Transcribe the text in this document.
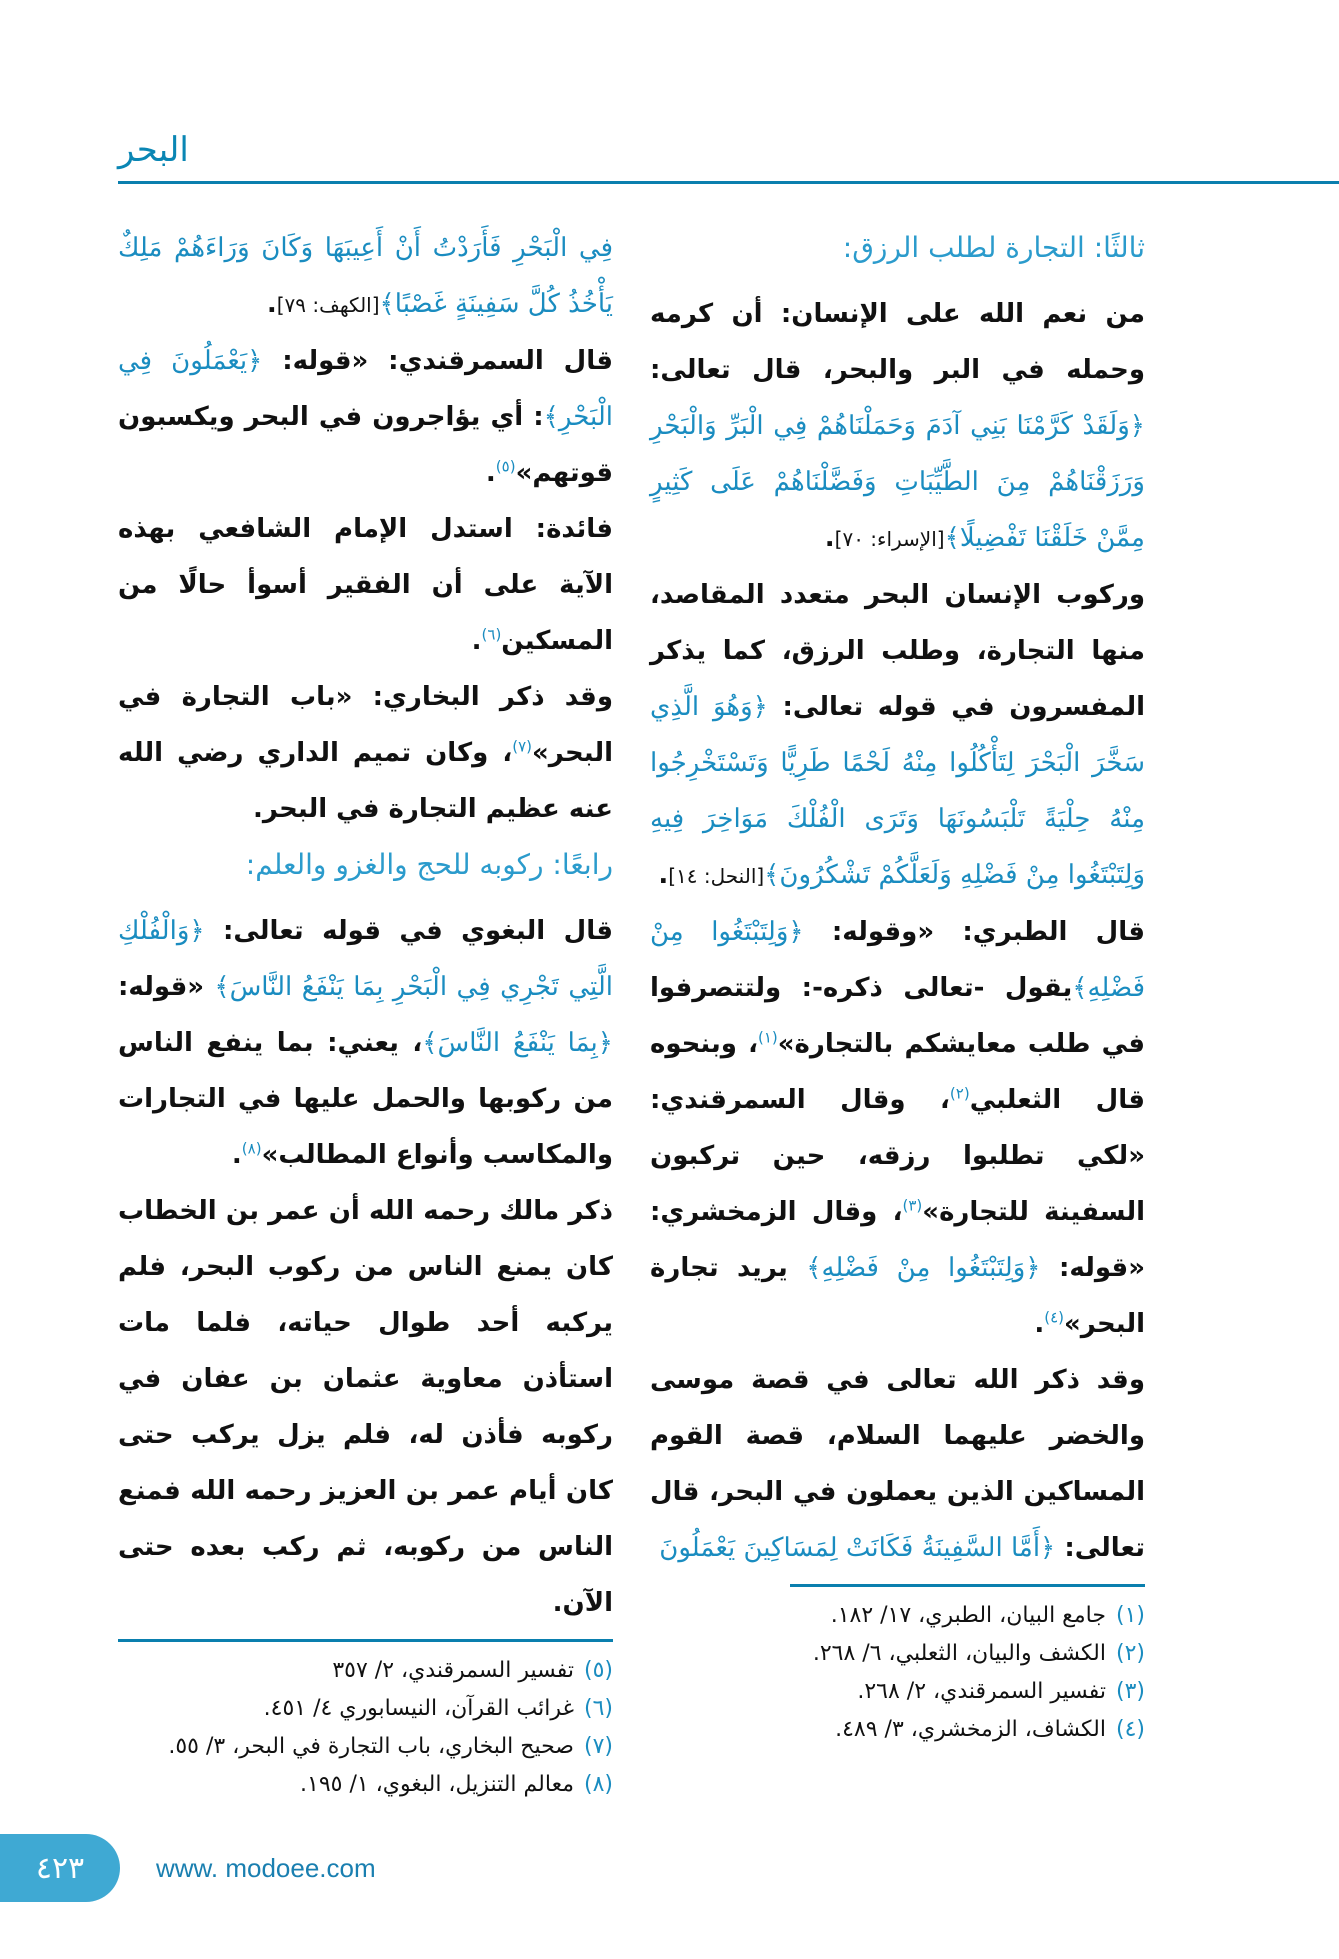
البحر

فِي الْبَحْرِ فَأَرَدْتُ أَنْ أَعِيبَهَا وَكَانَ وَرَاءَهُمْ مَلِكٌ يَأْخُذُ كُلَّ سَفِينَةٍ غَصْبًا﴾[الكهف: ٧٩].

قال السمرقندي: «قوله: ﴿يَعْمَلُونَ فِي الْبَحْرِ﴾: أي يؤاجرون في البحر ويكسبون قوتهم»$^{(٥)}$.

فائدة: استدل الإمام الشافعي بهذه الآية على أن الفقير أسوأ حالًا من المسكين$^{(٦)}$.

وقد ذكر البخاري: «باب التجارة في البحر»$^{(٧)}$، وكان تميم الداري رضي الله عنه عظيم التجارة في البحر.

رابعًا: ركوبه للحج والغزو والعلم:

قال البغوي في قوله تعالى: ﴿وَالْفُلْكِ الَّتِي تَجْرِي فِي الْبَحْرِ بِمَا يَنْفَعُ النَّاسَ﴾ «قوله: ﴿بِمَا يَنْفَعُ النَّاسَ﴾، يعني: بما ينفع الناس من ركوبها والحمل عليها في التجارات والمكاسب وأنواع المطالب»$^{(٨)}$.

ذكر مالك رحمه الله أن عمر بن الخطاب كان يمنع الناس من ركوب البحر، فلم يركبه أحد طوال حياته، فلما مات استأذن معاوية عثمان بن عفان في ركوبه فأذن له، فلم يزل يركب حتى كان أيام عمر بن العزيز رحمه الله فمنع الناس من ركوبه، ثم ركب بعده حتى الآن.

(٥)تفسير السمرقندي، ٢/ ٣٥٧
(٦)غرائب القرآن، النيسابوري ٤/ ٤٥١.
(٧)صحيح البخاري، باب التجارة في البحر، ٣/ ٥٥.
(٨)معالم التنزيل، البغوي، ١/ ١٩٥.
ثالثًا: التجارة لطلب الرزق:

من نعم الله على الإنسان: أن كرمه وحمله في البر والبحر، قال تعالى: ﴿وَلَقَدْ كَرَّمْنَا بَنِي آدَمَ وَحَمَلْنَاهُمْ فِي الْبَرِّ وَالْبَحْرِ وَرَزَقْنَاهُمْ مِنَ الطَّيِّبَاتِ وَفَضَّلْنَاهُمْ عَلَى كَثِيرٍ مِمَّنْ خَلَقْنَا تَفْضِيلًا﴾[الإسراء: ٧٠].

وركوب الإنسان البحر متعدد المقاصد، منها التجارة، وطلب الرزق، كما يذكر المفسرون في قوله تعالى: ﴿وَهُوَ الَّذِي سَخَّرَ الْبَحْرَ لِتَأْكُلُوا مِنْهُ لَحْمًا طَرِيًّا وَتَسْتَخْرِجُوا مِنْهُ حِلْيَةً تَلْبَسُونَهَا وَتَرَى الْفُلْكَ مَوَاخِرَ فِيهِ وَلِتَبْتَغُوا مِنْ فَضْلِهِ وَلَعَلَّكُمْ تَشْكُرُونَ﴾[النحل: ١٤].

قال الطبري: «وقوله: ﴿وَلِتَبْتَغُوا مِنْ فَضْلِهِ﴾يقول -تعالى ذكره-: ولتتصرفوا في طلب معايشكم بالتجارة»$^{(١)}$، وبنحوه قال الثعلبي$^{(٢)}$، وقال السمرقندي: «لكي تطلبوا رزقه، حين تركبون السفينة للتجارة»$^{(٣)}$، وقال الزمخشري: «قوله: ﴿وَلِتَبْتَغُوا مِنْ فَضْلِهِ﴾ يريد تجارة البحر»$^{(٤)}$.

وقد ذكر الله تعالى في قصة موسى والخضر عليهما السلام، قصة القوم المساكين الذين يعملون في البحر، قال تعالى: ﴿أَمَّا السَّفِينَةُ فَكَانَتْ لِمَسَاكِينَ يَعْمَلُونَ

(١)جامع البيان، الطبري، ١٧/ ١٨٢.
(٢)الكشف والبيان، الثعلبي، ٦/ ٢٦٨.
(٣)تفسير السمرقندي، ٢/ ٢٦٨.
(٤)الكشاف، الزمخشري، ٣/ ٤٨٩.
٤٢٣	www. modoee.com
